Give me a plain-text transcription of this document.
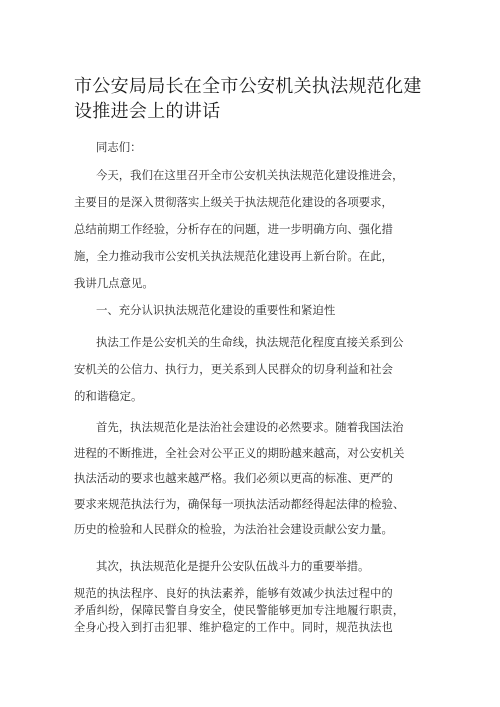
市公安局局长在全市公安机关执法规范化建
设推进会上的讲话
同志们：
今天，我们在这里召开全市公安机关执法规范化建设推进会，
主要目的是深入贯彻落实上级关于执法规范化建设的各项要求，
总结前期工作经验，分析存在的问题，进一步明确方向、强化措
施，全力推动我市公安机关执法规范化建设再上新台阶。在此，
我讲几点意见。
一、充分认识执法规范化建设的重要性和紧迫性
执法工作是公安机关的生命线，执法规范化程度直接关系到公
安机关的公信力、执行力，更关系到人民群众的切身利益和社会
的和谐稳定。
首先，执法规范化是法治社会建设的必然要求。随着我国法治
进程的不断推进，全社会对公平正义的期盼越来越高，对公安机关
执法活动的要求也越来越严格。我们必须以更高的标准、更严的
要求来规范执法行为，确保每一项执法活动都经得起法律的检验、
历史的检验和人民群众的检验，为法治社会建设贡献公安力量。
其次，执法规范化是提升公安队伍战斗力的重要举措。
规范的执法程序、良好的执法素养，能够有效减少执法过程中的
矛盾纠纷，保障民警自身安全，使民警能够更加专注地履行职责，
全身心投入到打击犯罪、维护稳定的工作中。同时，规范执法也
